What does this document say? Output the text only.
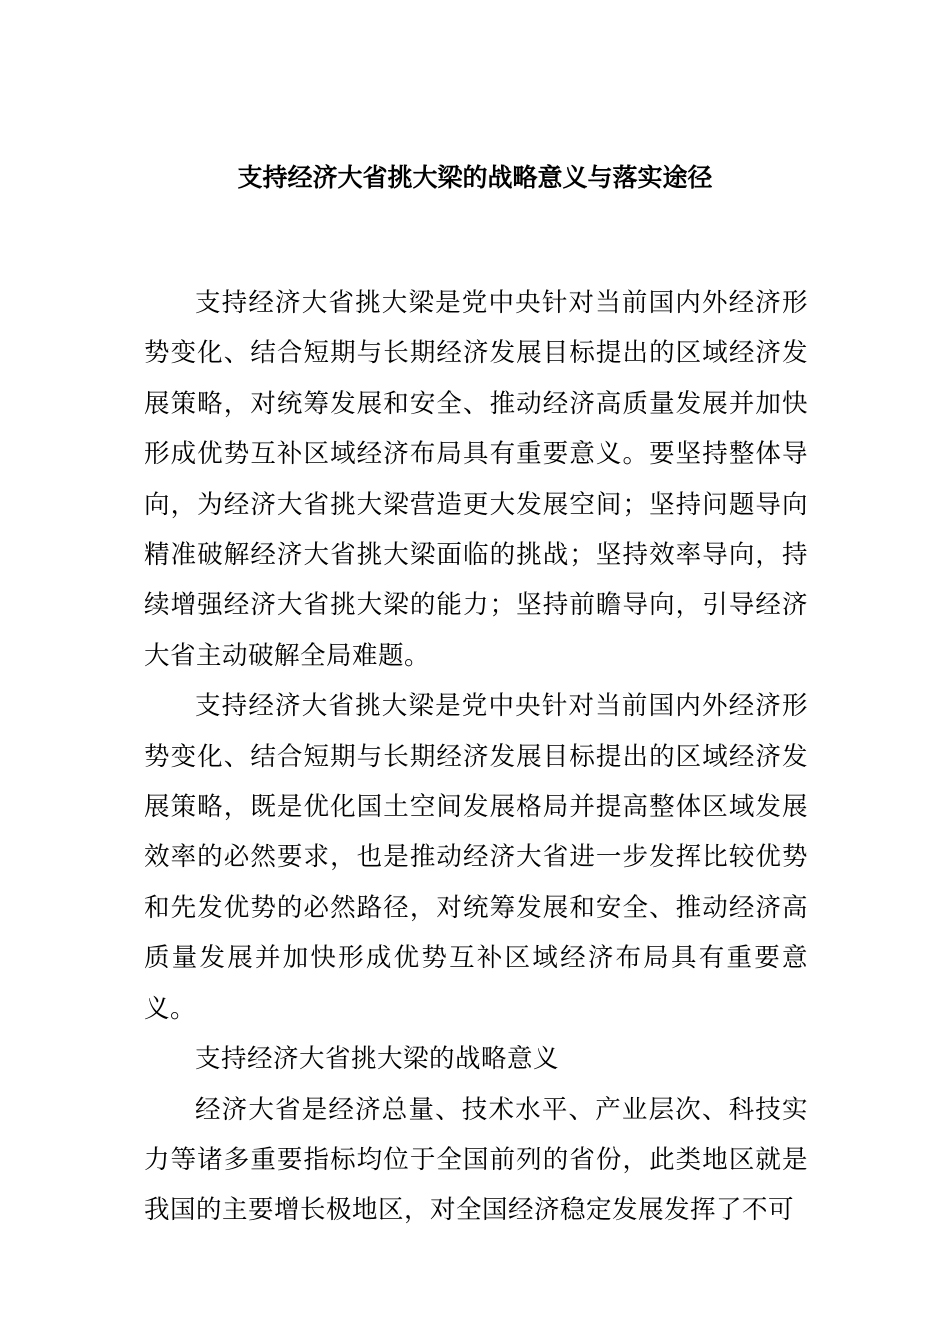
支持经济大省挑大梁的战略意义与落实途径

支持经济大省挑大梁是党中央针对当前国内外经济形势变化、结合短期与长期经济发展目标提出的区域经济发展策略，对统筹发展和安全、推动经济高质量发展并加快形成优势互补区域经济布局具有重要意义。要坚持整体导向，为经济大省挑大梁营造更大发展空间；坚持问题导向精准破解经济大省挑大梁面临的挑战；坚持效率导向，持续增强经济大省挑大梁的能力；坚持前瞻导向，引导经济大省主动破解全局难题。

支持经济大省挑大梁是党中央针对当前国内外经济形势变化、结合短期与长期经济发展目标提出的区域经济发展策略，既是优化国土空间发展格局并提高整体区域发展效率的必然要求，也是推动经济大省进一步发挥比较优势和先发优势的必然路径，对统筹发展和安全、推动经济高质量发展并加快形成优势互补区域经济布局具有重要意义。

支持经济大省挑大梁的战略意义

经济大省是经济总量、技术水平、产业层次、科技实力等诸多重要指标均位于全国前列的省份，此类地区就是我国的主要增长极地区，对全国经济稳定发展发挥了不可
